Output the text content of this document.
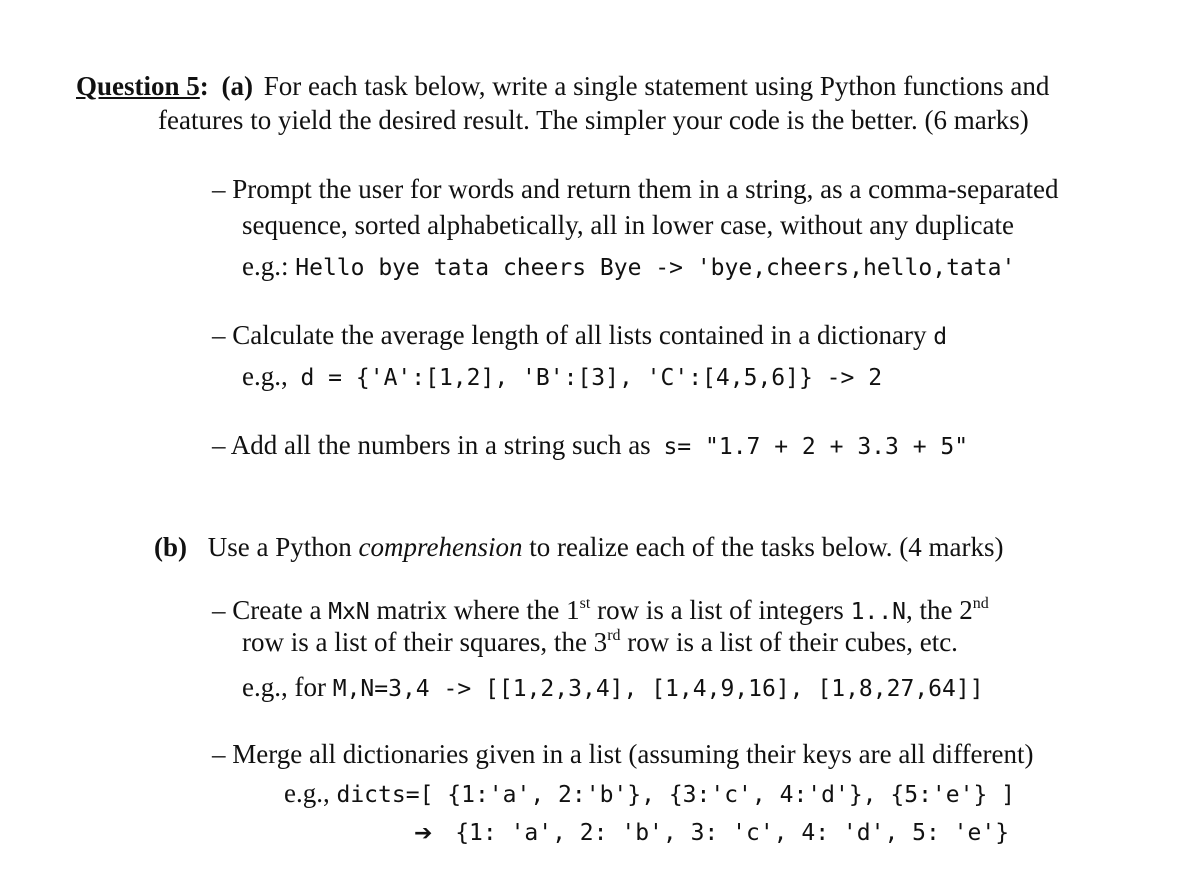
Question 5: (a) For each task below, write a single statement using Python functions and
features to yield the desired result. The simpler your code is the better. (6 marks)
– Prompt the user for words and return them in a string, as a comma-separated
sequence, sorted alphabetically, all in lower case, without any duplicate
e.g.: Hello bye tata cheers Bye -> 'bye,cheers,hello,tata'
– Calculate the average length of all lists contained in a dictionary d
e.g., d = {'A':[1,2], 'B':[3], 'C':[4,5,6]} -> 2
– Add all the numbers in a string such as s= "1.7 + 2 + 3.3 + 5"
(b) Use a Python comprehension to realize each of the tasks below. (4 marks)
– Create a MxN matrix where the 1st row is a list of integers 1..N, the 2nd
row is a list of their squares, the 3rd row is a list of their cubes, etc.
e.g., for M,N=3,4 -> [[1,2,3,4], [1,4,9,16], [1,8,27,64]]
– Merge all dictionaries given in a list (assuming their keys are all different)
e.g., dicts=[ {1:'a', 2:'b'}, {3:'c', 4:'d'}, {5:'e'} ]
➔ {1: 'a', 2: 'b', 3: 'c', 4: 'd', 5: 'e'}
